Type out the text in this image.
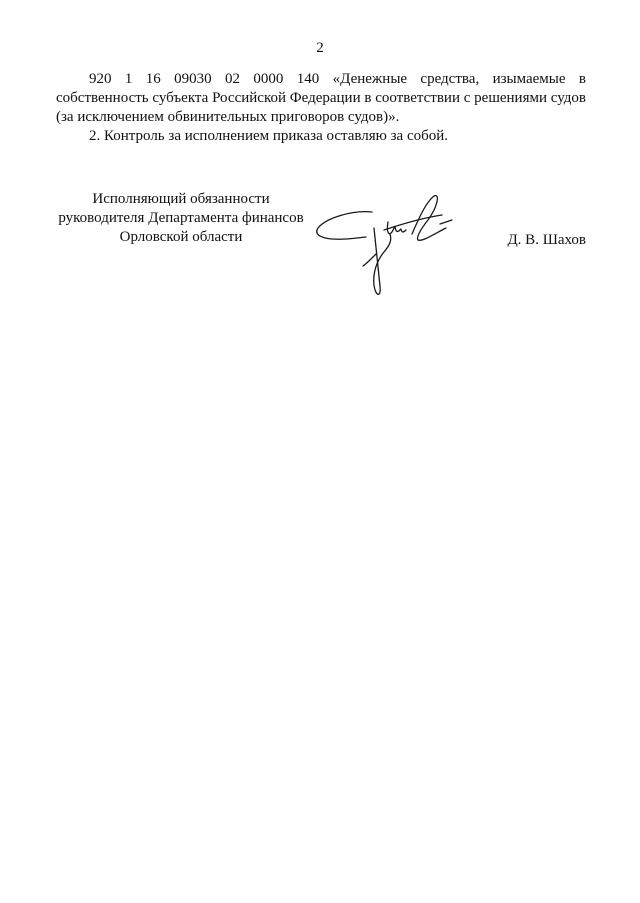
2

920 1 16 09030 02 0000 140 «Денежные средства, изымаемые в собственность субъекта Российской Федерации в соответствии с решениями судов (за исключением обвинительных приговоров судов)».

2. Контроль за исполнением приказа оставляю за собой.

Исполняющий обязанности
руководителя Департамента финансов
Орловской области	Д. В. Шахов
